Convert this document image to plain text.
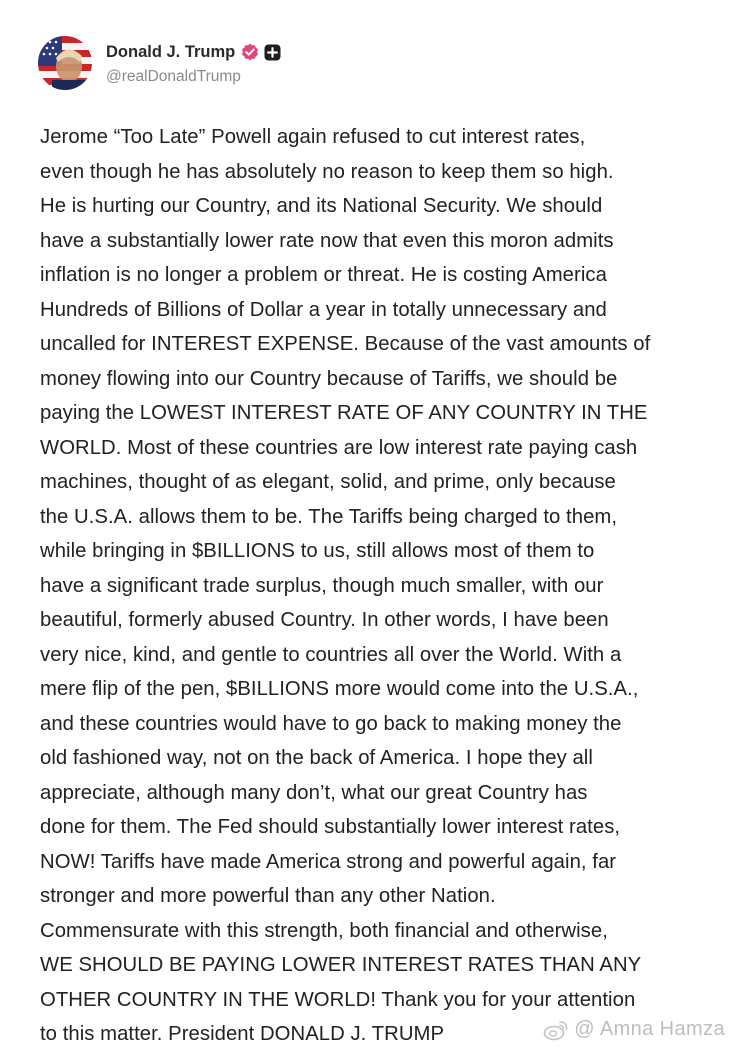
Donald J. Trump
@realDonaldTrump

Jerome “Too Late” Powell again refused to cut interest rates,
even though he has absolutely no reason to keep them so high.
He is hurting our Country, and its National Security. We should
have a substantially lower rate now that even this moron admits
inflation is no longer a problem or threat. He is costing America
Hundreds of Billions of Dollar a year in totally unnecessary and
uncalled for INTEREST EXPENSE. Because of the vast amounts of
money flowing into our Country because of Tariffs, we should be
paying the LOWEST INTEREST RATE OF ANY COUNTRY IN THE
WORLD. Most of these countries are low interest rate paying cash
machines, thought of as elegant, solid, and prime, only because
the U.S.A. allows them to be. The Tariffs being charged to them,
while bringing in $BILLIONS to us, still allows most of them to
have a significant trade surplus, though much smaller, with our
beautiful, formerly abused Country. In other words, I have been
very nice, kind, and gentle to countries all over the World. With a
mere flip of the pen, $BILLIONS more would come into the U.S.A.,
and these countries would have to go back to making money the
old fashioned way, not on the back of America. I hope they all
appreciate, although many don’t, what our great Country has
done for them. The Fed should substantially lower interest rates,
NOW! Tariffs have made America strong and powerful again, far
stronger and more powerful than any other Nation.
Commensurate with this strength, both financial and otherwise,
WE SHOULD BE PAYING LOWER INTEREST RATES THAN ANY
OTHER COUNTRY IN THE WORLD! Thank you for your attention
to this matter. President DONALD J. TRUMP	@ Amna Hamza
